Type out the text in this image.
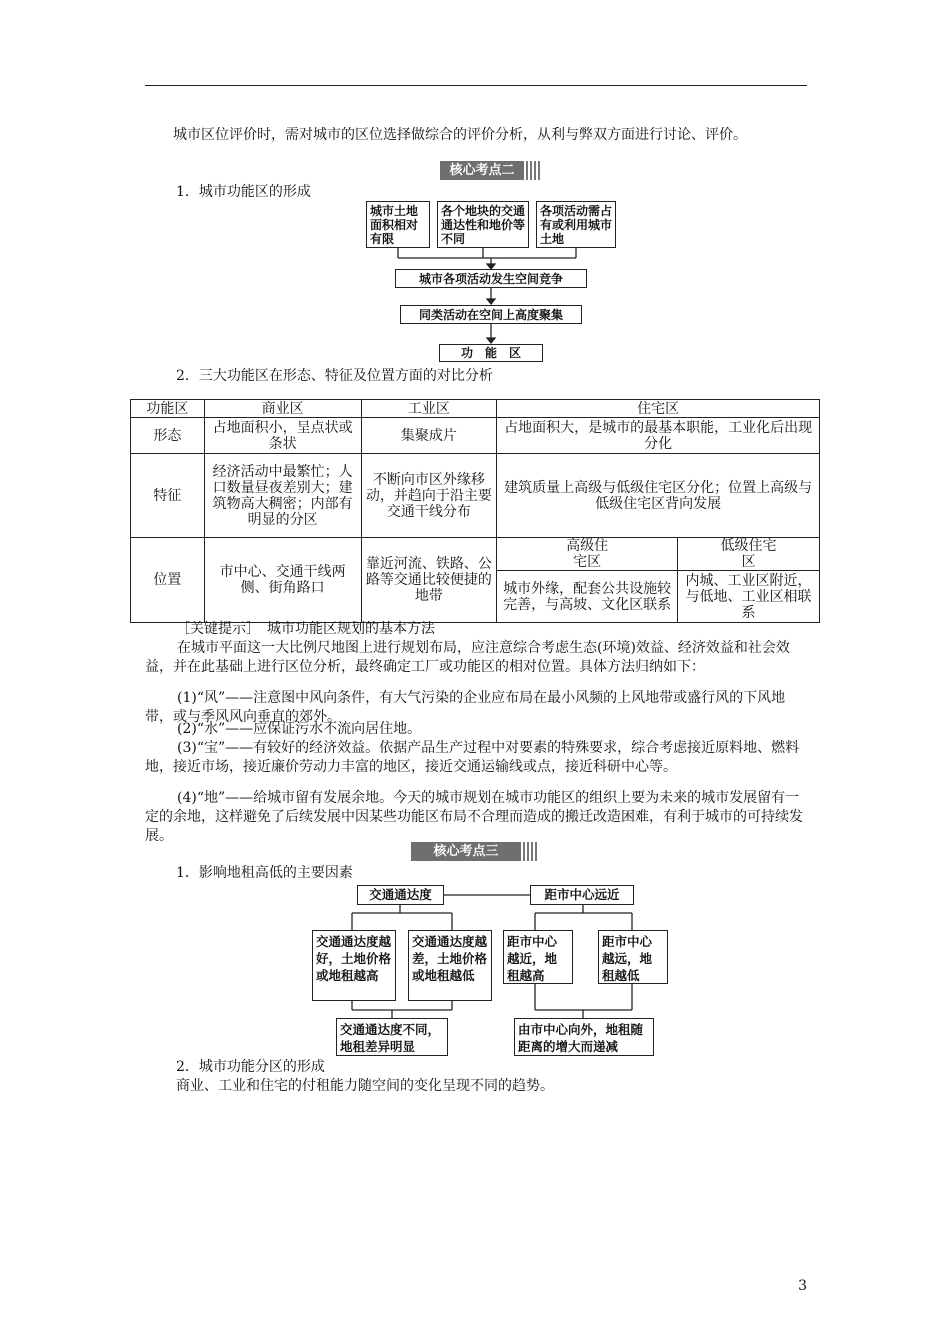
城市区位评价时，需对城市的区位选择做综合的评价分析，从利与弊双方面进行讨论、评价。

核心考点二

1．城市功能区的形成

城市土地面积相对有限
各个地块的交通通达性和地价等不同
各项活动需占有或利用城市土地
城市各项活动发生空间竞争
同类活动在空间上高度聚集
功　能　区

2．三大功能区在形态、特征及位置方面的对比分析

功能区	商业区	工业区	住宅区	
形态	占地面积小，呈点状或条状	集聚成片	占地面积大，是城市的最基本职能，工业化后出现分化	
特征	经济活动中最繁忙；人口数量昼夜差别大；建筑物高大稠密；内部有明显的分区	不断向市区外缘移动，并趋向于沿主要交通干线分布	建筑质量上高级与低级住宅区分化；位置上高级与低级住宅区背向发展	
位置	市中心、交通干线两侧、街角路口	靠近河流、铁路、公路等交通比较便捷的地带	高级住宅区	低级住宅区
			城市外缘，配套公共设施较完善，与高坡、文化区联系	内城、工业区附近，与低地、工业区相联系

［关键提示］　城市功能区规划的基本方法

在城市平面这一大比例尺地图上进行规划布局，应注意综合考虑生态(环境)效益、经济效益和社会效益，并在此基础上进行区位分析，最终确定工厂或功能区的相对位置。具体方法归纳如下：

(1)“风”——注意图中风向条件，有大气污染的企业应布局在最小风频的上风地带或盛行风的下风地带，或与季风风向垂直的郊外。

(2)“水”——应保证污水不流向居住地。

(3)“宝”——有较好的经济效益。依据产品生产过程中对要素的特殊要求，综合考虑接近原料地、燃料地，接近市场，接近廉价劳动力丰富的地区，接近交通运输线或点，接近科研中心等。

(4)“地”——给城市留有发展余地。今天的城市规划在城市功能区的组织上要为未来的城市发展留有一定的余地，这样避免了后续发展中因某些功能区布局不合理而造成的搬迁改造困难，有利于城市的可持续发展。

核心考点三

1．影响地租高低的主要因素

交通通达度	距市中心远近
交通通达度越好，土地价格或地租越高
交通通达度越差，土地价格或地租越低
距市中心越近，地租越高
距市中心越远，地租越低
交通通达度不同，地租差异明显
由市中心向外，地租随距离的增大而递减

2．城市功能分区的形成

商业、工业和住宅的付租能力随空间的变化呈现不同的趋势。

3
